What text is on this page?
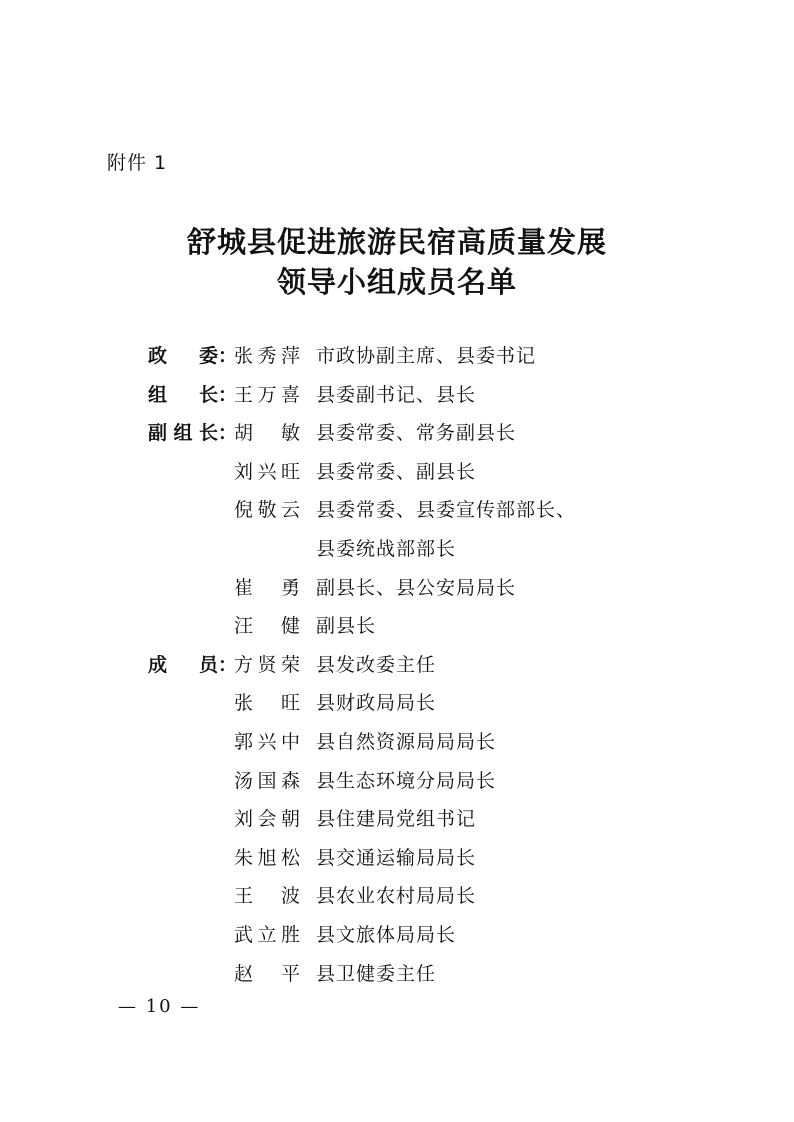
附件 1
舒城县促进旅游民宿高质量发展
领导小组成员名单
政　委：
张秀萍 市政协副主席、县委书记
组　长：
王万喜 县委副书记、县长
副组长：
胡　敏 县委常委、常务副县长
刘兴旺 县委常委、副县长
倪敬云 县委常委、县委宣传部部长、
县委统战部部长
崔　勇 副县长、县公安局局长
汪　健 副县长
成　员：
方贤荣 县发改委主任
张　旺 县财政局局长
郭兴中 县自然资源局局局长
汤国森 县生态环境分局局长
刘会朝 县住建局党组书记
朱旭松 县交通运输局局长
王　波 县农业农村局局长
武立胜 县文旅体局局长
赵　平 县卫健委主任
— 10 —
